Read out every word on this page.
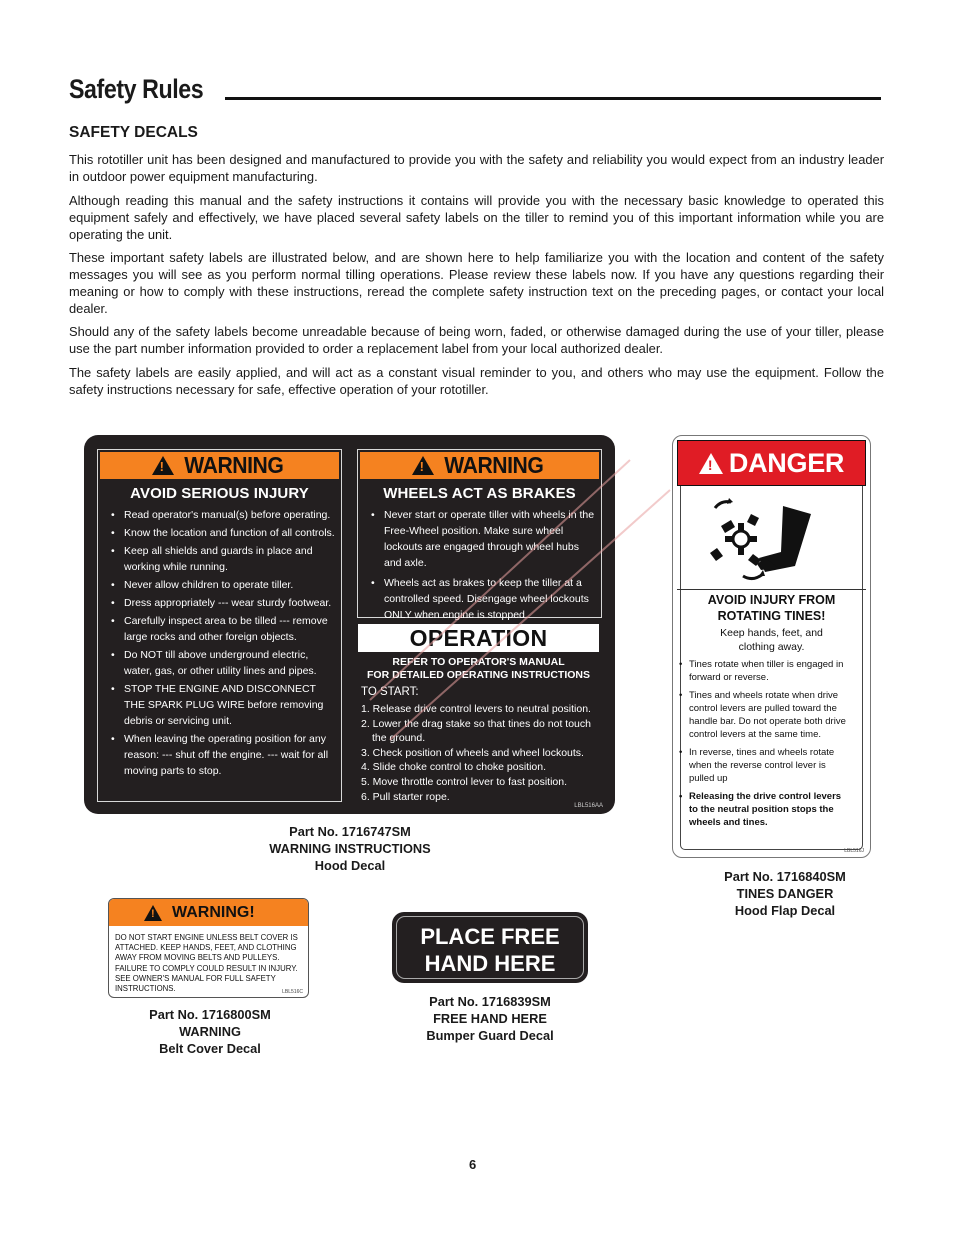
Safety Rules
SAFETY DECALS

This rototiller unit has been designed and manufactured to provide you with the safety and reliability you would expect from an industry leader in outdoor power equipment manufacturing.

Although reading this manual and the safety instructions it contains will provide you with the necessary basic knowledge to operated this equipment safely and effectively, we have placed several safety labels on the tiller to remind you of this important information while you are operating the unit.

These important safety labels are illustrated below, and are shown here to help familiarize you with the location and content of the safety messages you will see as you perform normal tilling operations. Please review these labels now. If you have any questions regarding their meaning or how to comply with these instructions, reread the complete safety instruction text on the preceding pages, or contact your local dealer.

Should any of the safety labels become unreadable because of being worn, faded, or otherwise damaged during the use of your tiller, please use the part number information provided to order a replacement label from your local authorized dealer.

The safety labels are easily applied, and will act as a constant visual reminder to you, and others who may use the equipment. Follow the safety instructions necessary for safe, effective operation of your rototiller.

!
WARNING
AVOID SERIOUS INJURY
• Read operator's manual(s) before operating.
• Know the location and function of all controls.
• Keep all shields and guards in place and working while running.
• Never allow children to operate tiller.
• Dress appropriately --- wear sturdy footwear.
• Carefully inspect area to be tilled --- remove large rocks and other foreign objects.
• Do NOT till above underground electric, water, gas, or other utility lines and pipes.
• STOP THE ENGINE AND DISCONNECT THE SPARK PLUG WIRE before removing debris or servicing unit.
• When leaving the operating position for any reason: --- shut off the engine. --- wait for all moving parts to stop.
!
WARNING
WHEELS ACT AS BRAKES
• Never start or operate tiller with wheels in the Free-Wheel position. Make sure wheel lockouts are engaged through wheel hubs and axle.
• Wheels act as brakes to keep the tiller at a controlled speed. Disengage wheel lockouts ONLY when engine is stopped.
OPERATION
REFER TO OPERATOR'S MANUAL
FOR DETAILED OPERATING INSTRUCTIONS
TO START:
1. Release drive control levers to neutral position.
2. Lower the drag stake so that tines do not touch
the ground.
3. Check position of wheels and wheel lockouts.
4. Slide choke control to choke position.
5. Move throttle control lever to fast position.
6. Pull starter rope.
LBL516AA
Part No. 1716747SM
WARNING INSTRUCTIONS
Hood Decal
!
DANGER
AVOID INJURY FROM
ROTATING TINES!
Keep hands, feet, and
clothing away.
• Tines rotate when tiller is engaged in forward or reverse.
• Tines and wheels rotate when drive control levers are pulled toward the handle bar. Do not operate both drive control levers at the same time.
• In reverse, tines and wheels rotate when the reverse control lever is pulled up
• Releasing the drive control levers to the neutral position stops the wheels and tines.
LBL516J
Part No. 1716840SM
TINES DANGER
Hood Flap Decal
!
WARNING!
DO NOT START ENGINE UNLESS BELT COVER IS ATTACHED. KEEP HANDS, FEET, AND CLOTHING AWAY FROM MOVING BELTS AND PULLEYS. FAILURE TO COMPLY COULD RESULT IN INJURY. SEE OWNER'S MANUAL FOR FULL SAFETY INSTRUCTIONS.	LBL516C
Part No. 1716800SM
WARNING
Belt Cover Decal
PLACE FREE
HAND HERE
Part No. 1716839SM
FREE HAND HERE
Bumper Guard Decal
6
